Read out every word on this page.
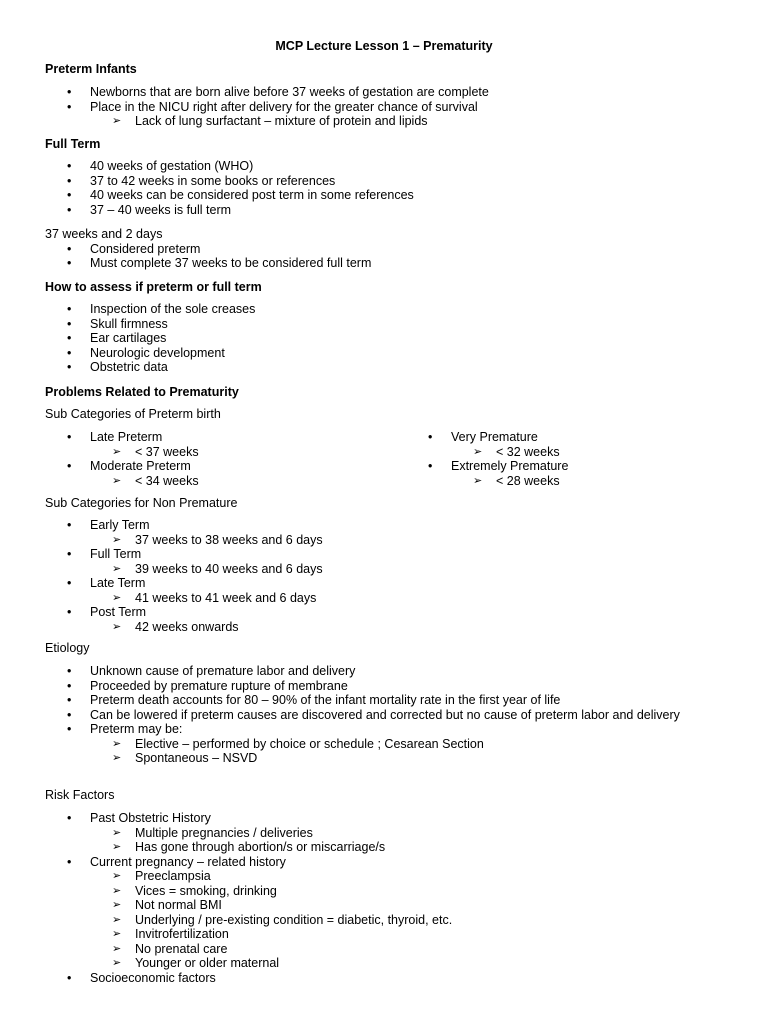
MCP Lecture Lesson 1 – Prematurity

Preterm Infants

• Newborns that are born alive before 37 weeks of gestation are complete
• Place in the NICU right after delivery for the greater chance of survival
➢ Lack of lung surfactant – mixture of protein and lipids

Full Term

• 40 weeks of gestation (WHO)
• 37 to 42 weeks in some books or references
• 40 weeks can be considered post term in some references
• 37 – 40 weeks is full term

37 weeks and 2 days

• Considered preterm
• Must complete 37 weeks to be considered full term

How to assess if preterm or full term

• Inspection of the sole creases
• Skull firmness
• Ear cartilages
• Neurologic development
• Obstetric data

Problems Related to Prematurity

Sub Categories of Preterm birth

• Late Preterm
➢ < 37 weeks
• Moderate Preterm
➢ < 34 weeks
• Very Premature
➢ < 32 weeks
• Extremely Premature
➢ < 28 weeks

Sub Categories for Non Premature

• Early Term
➢ 37 weeks to 38 weeks and 6 days
• Full Term
➢ 39 weeks to 40 weeks and 6 days
• Late Term
➢ 41 weeks to 41 week and 6 days
• Post Term
➢ 42 weeks onwards

Etiology

• Unknown cause of premature labor and delivery
• Proceeded by premature rupture of membrane
• Preterm death accounts for 80 – 90% of the infant mortality rate in the first year of life
• Can be lowered if preterm causes are discovered and corrected but no cause of preterm labor and delivery
• Preterm may be:
➢ Elective – performed by choice or schedule ; Cesarean Section
➢ Spontaneous – NSVD

Risk Factors

• Past Obstetric History
➢ Multiple pregnancies / deliveries
➢ Has gone through abortion/s or miscarriage/s
• Current pregnancy – related history
➢ Preeclampsia
➢ Vices = smoking, drinking
➢ Not normal BMI
➢ Underlying / pre-existing condition = diabetic, thyroid, etc.
➢ Invitrofertilization
➢ No prenatal care
➢ Younger or older maternal
• Socioeconomic factors
